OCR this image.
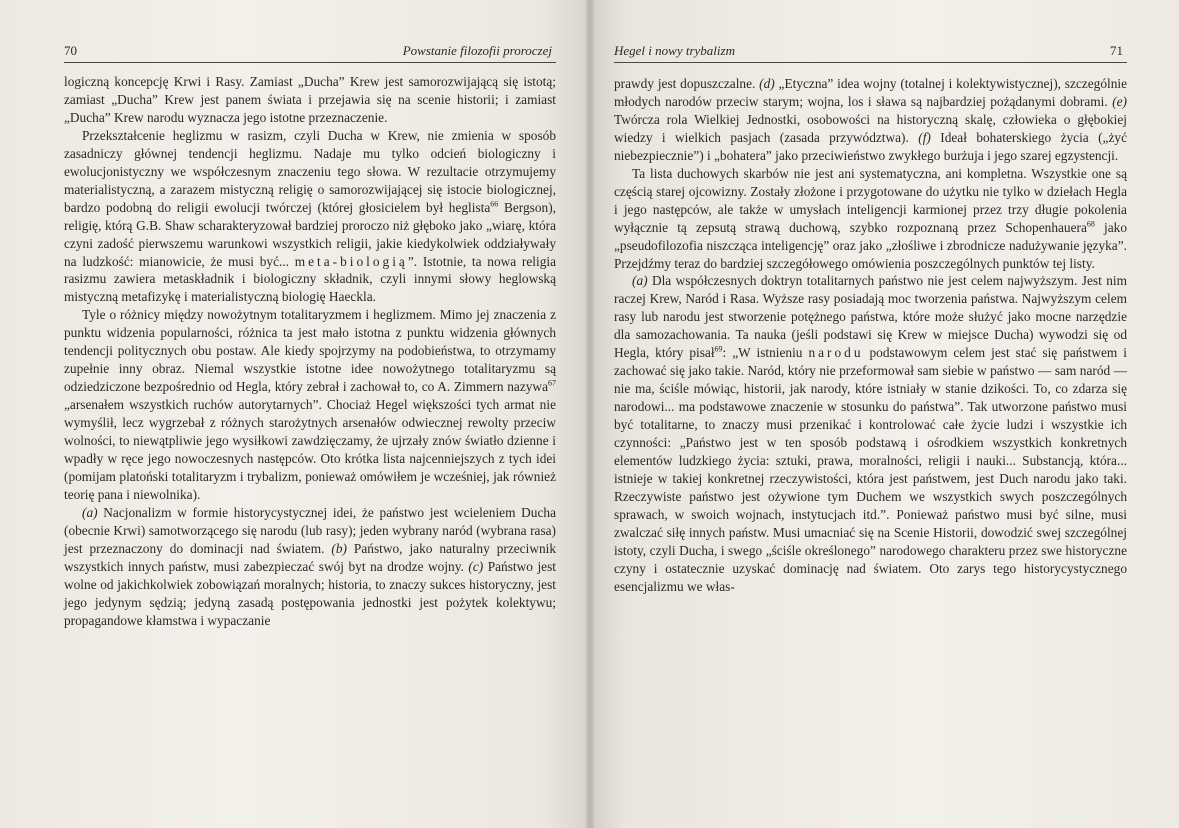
70	Powstanie filozofii proroczej

logiczną koncepcję Krwi i Rasy. Zamiast „Ducha” Krew jest samorozwijającą się istotą; zamiast „Ducha” Krew jest panem świata i przejawia się na scenie historii; i zamiast „Ducha” Krew narodu wyznacza jego istotne przeznaczenie.

Przekształcenie heglizmu w rasizm, czyli Ducha w Krew, nie zmienia w sposób zasadniczy głównej tendencji heglizmu. Nadaje mu tylko odcień biologiczny i ewolucjonistyczny we współczesnym znaczeniu tego słowa. W rezultacie otrzymujemy materialistyczną, a zarazem mistyczną religię o samorozwijającej się istocie biologicznej, bardzo podobną do religii ewolucji twórczej (której głosicielem był heglista$^{66}$ Bergson), religię, którą G.B. Shaw scharakteryzował bardziej proroczo niż głęboko jako „wiarę, która czyni zadość pierwszemu warunkowi wszystkich religii, jakie kiedykolwiek oddziaływały na ludzkość: mianowicie, że musi być... meta-biologią”. Istotnie, ta nowa religia rasizmu zawiera metaskładnik i biologiczny składnik, czyli innymi słowy heglowską mistyczną metafizykę i materialistyczną biologię Haeckla.

Tyle o różnicy między nowożytnym totalitaryzmem i heglizmem. Mimo jej znaczenia z punktu widzenia popularności, różnica ta jest mało istotna z punktu widzenia głównych tendencji politycznych obu postaw. Ale kiedy spojrzymy na podobieństwa, to otrzymamy zupełnie inny obraz. Niemal wszystkie istotne idee nowożytnego totalitaryzmu są odziedziczone bezpośrednio od Hegla, który zebrał i zachował to, co A. Zimmern nazywa$^{67}$ „arsenałem wszystkich ruchów autorytarnych”. Chociaż Hegel większości tych armat nie wymyślił, lecz wygrzebał z różnych starożytnych arsenałów odwiecznej rewolty przeciw wolności, to niewątpliwie jego wysiłkowi zawdzięczamy, że ujrzały znów światło dzienne i wpadły w ręce jego nowoczesnych następców. Oto krótka lista najcenniejszych z tych idei (pomijam platoński totalitaryzm i trybalizm, ponieważ omówiłem je wcześniej, jak również teorię pana i niewolnika).

(a) Nacjonalizm w formie historycystycznej idei, że państwo jest wcieleniem Ducha (obecnie Krwi) samotworzącego się narodu (lub rasy); jeden wybrany naród (wybrana rasa) jest przeznaczony do dominacji nad światem. (b) Państwo, jako naturalny przeciwnik wszystkich innych państw, musi zabezpieczać swój byt na drodze wojny. (c) Państwo jest wolne od jakichkolwiek zobowiązań moralnych; historia, to znaczy sukces historyczny, jest jego jedynym sędzią; jedyną zasadą postępowania jednostki jest pożytek kolektywu; propagandowe kłamstwa i wypaczanie

Hegel i nowy trybalizm	71

prawdy jest dopuszczalne. (d) „Etyczna” idea wojny (totalnej i kolektywistycznej), szczególnie młodych narodów przeciw starym; wojna, los i sława są najbardziej pożądanymi dobrami. (e) Twórcza rola Wielkiej Jednostki, osobowości na historyczną skalę, człowieka o głębokiej wiedzy i wielkich pasjach (zasada przywództwa). (f) Ideał bohaterskiego życia („żyć niebezpiecznie”) i „bohatera” jako przeciwieństwo zwykłego burżuja i jego szarej egzystencji.

Ta lista duchowych skarbów nie jest ani systematyczna, ani kompletna. Wszystkie one są częścią starej ojcowizny. Zostały złożone i przygotowane do użytku nie tylko w dziełach Hegla i jego następców, ale także w umysłach inteligencji karmionej przez trzy długie pokolenia wyłącznie tą zepsutą strawą duchową, szybko rozpoznaną przez Schopenhauera$^{68}$ jako „pseudofilozofia niszcząca inteligencję” oraz jako „złośliwe i zbrodnicze nadużywanie języka”. Przejdźmy teraz do bardziej szczegółowego omówienia poszczególnych punktów tej listy.

(a) Dla współczesnych doktryn totalitarnych państwo nie jest celem najwyższym. Jest nim raczej Krew, Naród i Rasa. Wyższe rasy posiadają moc tworzenia państwa. Najwyższym celem rasy lub narodu jest stworzenie potężnego państwa, które może służyć jako mocne narzędzie dla samozachowania. Ta nauka (jeśli podstawi się Krew w miejsce Ducha) wywodzi się od Hegla, który pisał$^{69}$: „W istnieniu narodu podstawowym celem jest stać się państwem i zachować się jako takie. Naród, który nie przeformował sam siebie w państwo — sam naród — nie ma, ściśle mówiąc, historii, jak narody, które istniały w stanie dzikości. To, co zdarza się narodowi... ma podstawowe znaczenie w stosunku do państwa”. Tak utworzone państwo musi być totalitarne, to znaczy musi przenikać i kontrolować całe życie ludzi i wszystkie ich czynności: „Państwo jest w ten sposób podstawą i ośrodkiem wszystkich konkretnych elementów ludzkiego życia: sztuki, prawa, moralności, religii i nauki... Substancją, która... istnieje w takiej konkretnej rzeczywistości, która jest państwem, jest Duch narodu jako taki. Rzeczywiste państwo jest ożywione tym Duchem we wszystkich swych poszczególnych sprawach, w swoich wojnach, instytucjach itd.”. Ponieważ państwo musi być silne, musi zwalczać siłę innych państw. Musi umacniać się na Scenie Historii, dowodzić swej szczególnej istoty, czyli Ducha, i swego „ściśle określonego” narodowego charakteru przez swe historyczne czyny i ostatecznie uzyskać dominację nad światem. Oto zarys tego historycystycznego esencjalizmu we włas-
